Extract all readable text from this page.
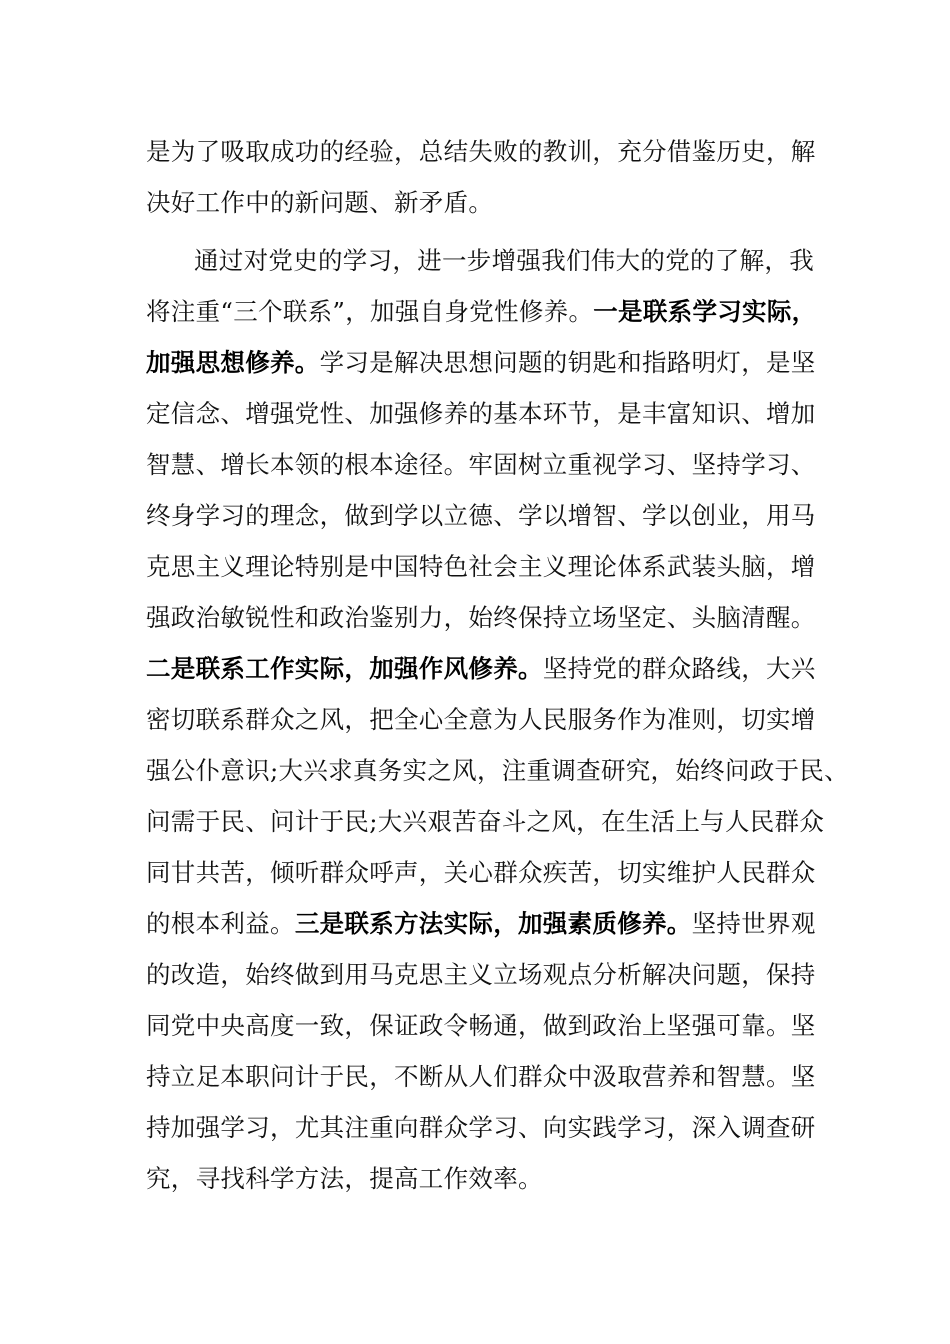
是为了吸取成功的经验，总结失败的教训，充分借鉴历史，解

决好工作中的新问题、新矛盾。

通过对党史的学习，进一步增强我们伟大的党的了解，我

将注重“三个联系”，加强自身党性修养。一是联系学习实际，

加强思想修养。学习是解决思想问题的钥匙和指路明灯，是坚

定信念、增强党性、加强修养的基本环节，是丰富知识、增加

智慧、增长本领的根本途径。牢固树立重视学习、坚持学习、

终身学习的理念，做到学以立德、学以增智、学以创业，用马

克思主义理论特别是中国特色社会主义理论体系武装头脑，增

强政治敏锐性和政治鉴别力，始终保持立场坚定、头脑清醒。

二是联系工作实际，加强作风修养。坚持党的群众路线，大兴

密切联系群众之风，把全心全意为人民服务作为准则，切实增

强公仆意识;大兴求真务实之风，注重调查研究，始终问政于民、

问需于民、问计于民;大兴艰苦奋斗之风，在生活上与人民群众

同甘共苦，倾听群众呼声，关心群众疾苦，切实维护人民群众

的根本利益。三是联系方法实际，加强素质修养。坚持世界观

的改造，始终做到用马克思主义立场观点分析解决问题，保持

同党中央高度一致，保证政令畅通，做到政治上坚强可靠。坚

持立足本职问计于民，不断从人们群众中汲取营养和智慧。坚

持加强学习，尤其注重向群众学习、向实践学习，深入调查研

究，寻找科学方法，提高工作效率。
